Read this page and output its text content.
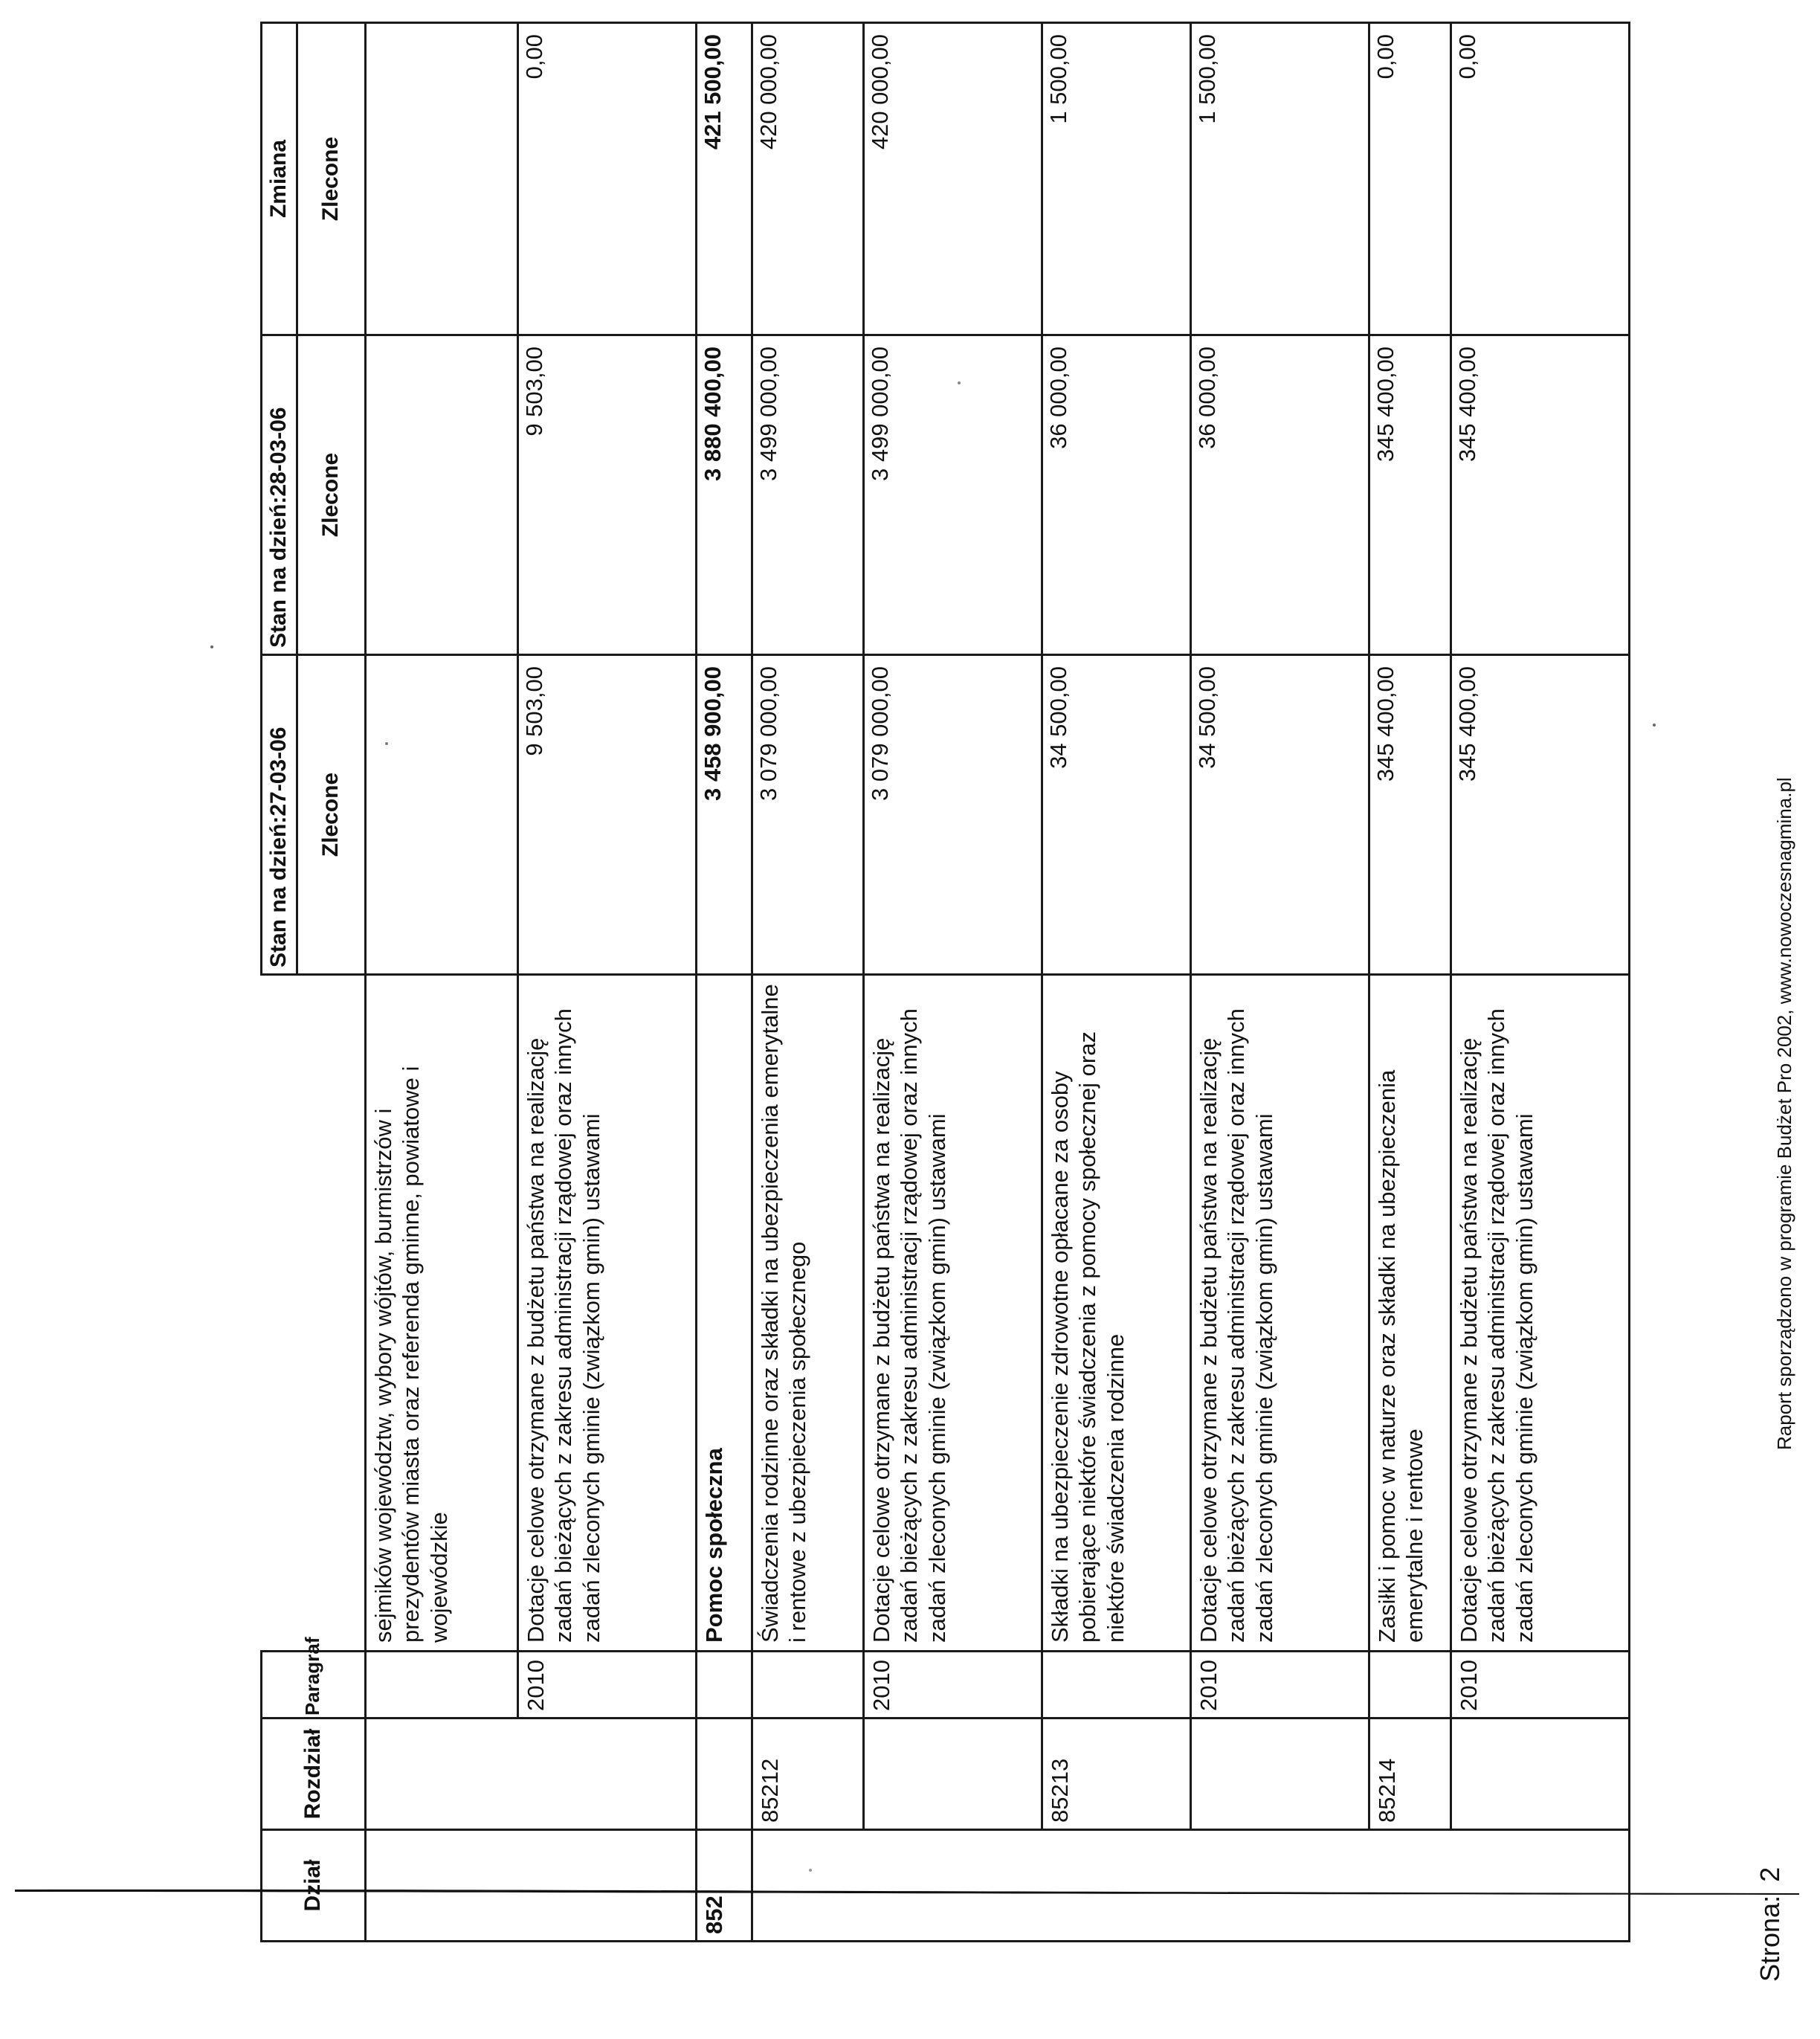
Dział	Rozdział	Paragraf		Stan na dzień:27-03-06	Stan na dzień:28-03-06	Zmiana
				Zlecone	Zlecone	Zlecone
			sejmików województw, wybory wójtów, burmistrzów i prezydentów miasta oraz referenda gminne, powiatowe i wojewódzkie			
		2010	Dotacje celowe otrzymane z budżetu państwa na realizację zadań bieżących z zakresu administracji rządowej oraz innych zadań zleconych gminie (związkom gmin) ustawami	9 503,00	9 503,00	0,00
852			Pomoc społeczna	3 458 900,00	3 880 400,00	421 500,00
	85212		Świadczenia rodzinne oraz składki na ubezpieczenia emerytalne i rentowe z ubezpieczenia społecznego	3 079 000,00	3 499 000,00	420 000,00
		2010	Dotacje celowe otrzymane z budżetu państwa na realizację zadań bieżących z zakresu administracji rządowej oraz innych zadań zleconych gminie (związkom gmin) ustawami	3 079 000,00	3 499 000,00	420 000,00
	85213		Składki na ubezpieczenie zdrowotne opłacane za osoby pobierające niektóre świadczenia z pomocy społecznej oraz niektóre świadczenia rodzinne	34 500,00	36 000,00	1 500,00
		2010	Dotacje celowe otrzymane z budżetu państwa na realizację zadań bieżących z zakresu administracji rządowej oraz innych zadań zleconych gminie (związkom gmin) ustawami	34 500,00	36 000,00	1 500,00
	85214		Zasiłki i pomoc w naturze oraz składki na ubezpieczenia emerytalne i rentowe	345 400,00	345 400,00	0,00
		2010	Dotacje celowe otrzymane z budżetu państwa na realizację zadań bieżących z zakresu administracji rządowej oraz innych zadań zleconych gminie (związkom gmin) ustawami	345 400,00	345 400,00	0,00
Strona:2
Raport sporządzono w programie Budżet Pro 2002, www.nowoczesnagmina.pl
